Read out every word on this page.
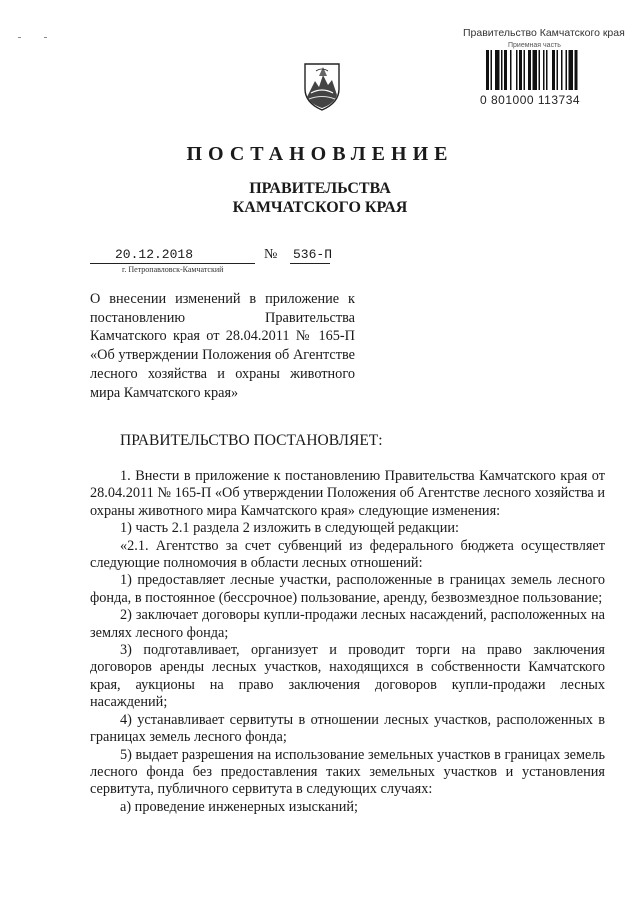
Правительство Камчатского края
Приемная часть
0 801000 113734
ПОСТАНОВЛЕНИЕ
ПРАВИТЕЛЬСТВА
КАМЧАТСКОГО КРАЯ
20.12.2018	№ 536-П
г. Петропавловск-Камчатский
О внесении изменений в приложение к постановлению Правительства Камчатского края от 28.04.2011 № 165-П «Об утверждении Положения об Агентстве лесного хозяйства и охраны животного мира Камчатского края»
ПРАВИТЕЛЬСТВО ПОСТАНОВЛЯЕТ:

1. Внести в приложение к постановлению Правительства Камчатского края от 28.04.2011 № 165-П «Об утверждении Положения об Агентстве лесного хозяйства и охраны животного мира Камчатского края» следующие изменения:

1) часть 2.1 раздела 2 изложить в следующей редакции:

«2.1. Агентство за счет субвенций из федерального бюджета осуществляет следующие полномочия в области лесных отношений:

1) предоставляет лесные участки, расположенные в границах земель лесного фонда, в постоянное (бессрочное) пользование, аренду, безвозмездное пользование;

2) заключает договоры купли-продажи лесных насаждений, расположенных на землях лесного фонда;

3) подготавливает, организует и проводит торги на право заключения договоров аренды лесных участков, находящихся в собственности Камчатского края, аукционы на право заключения договоров купли-продажи лесных насаждений;

4) устанавливает сервитуты в отношении лесных участков, расположенных в границах земель лесного фонда;

5) выдает разрешения на использование земельных участков в границах земель лесного фонда без предоставления таких земельных участков и установления сервитута, публичного сервитута в следующих случаях:

а) проведение инженерных изысканий;
